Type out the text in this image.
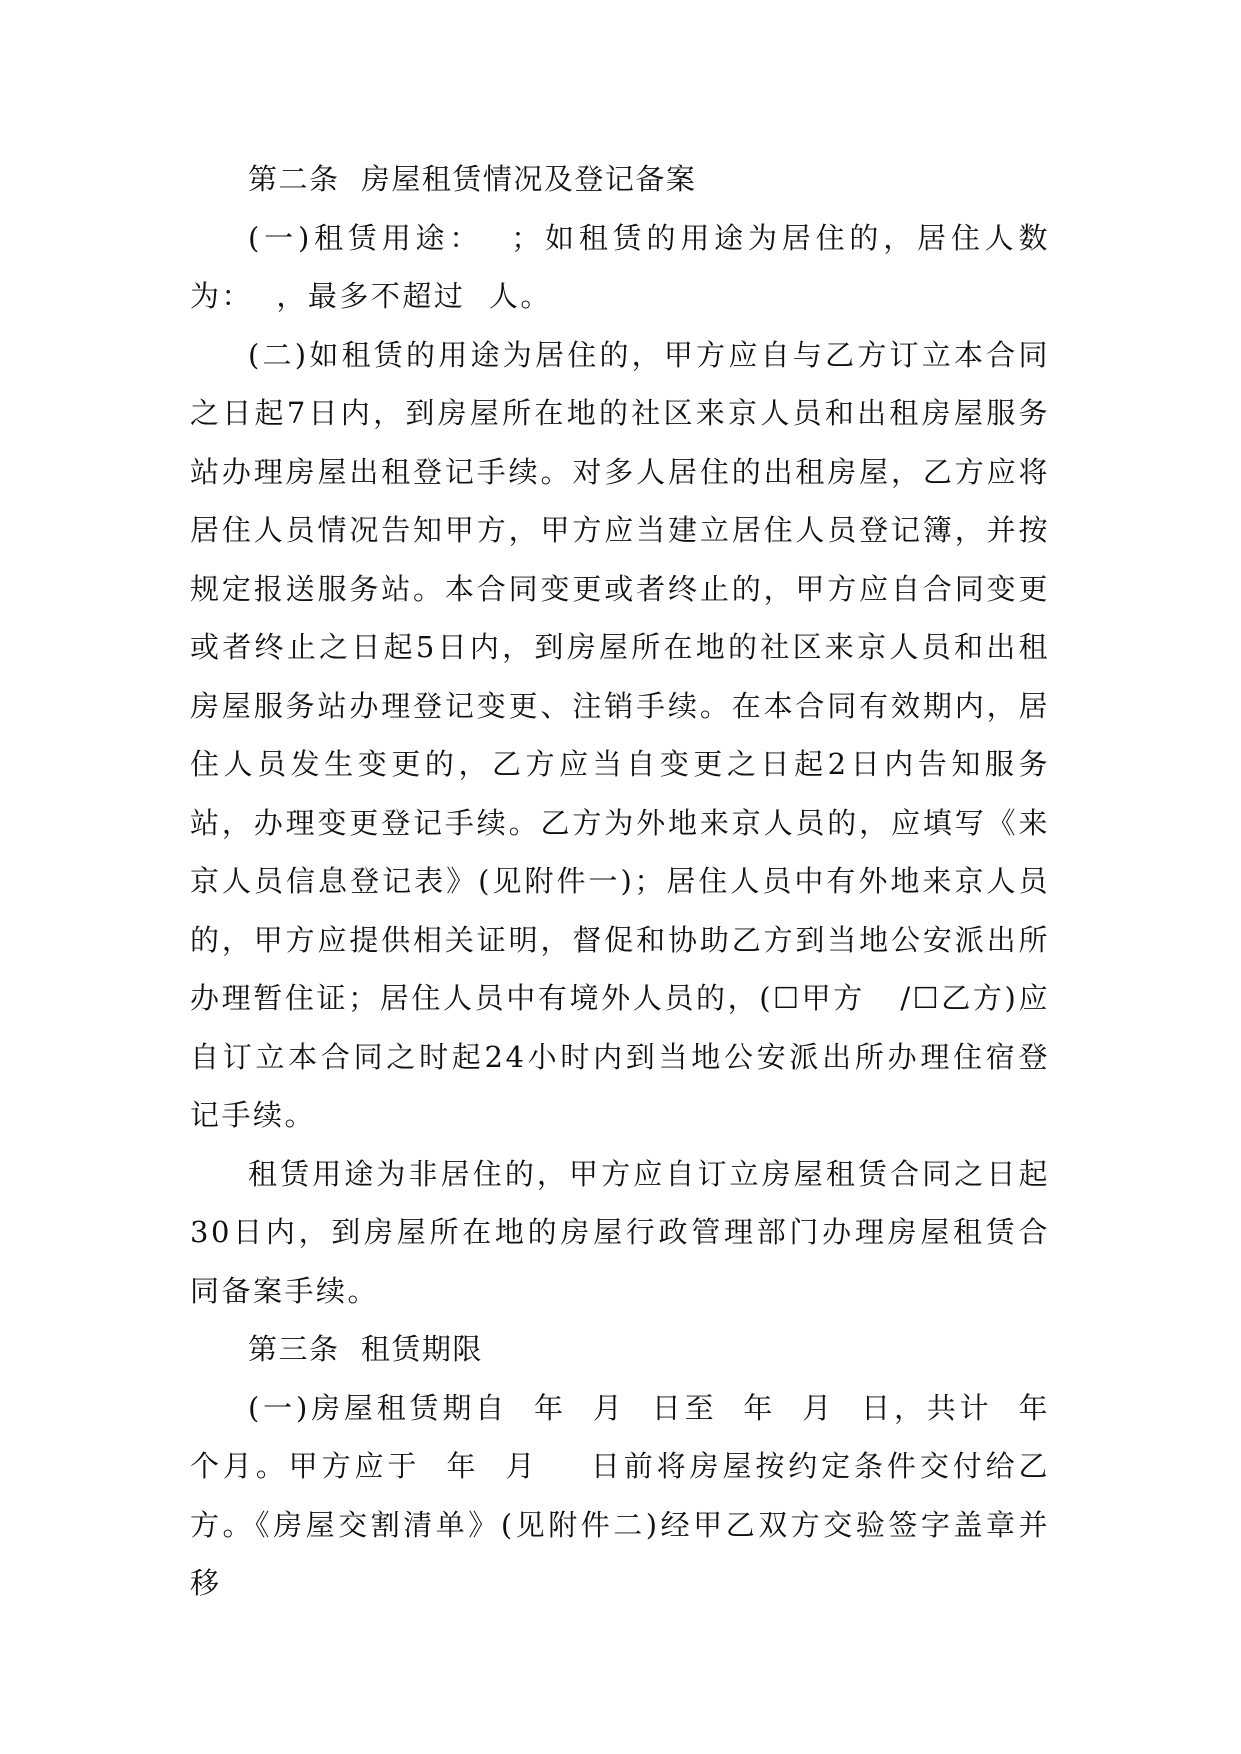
第二条  房屋租赁情况及登记备案

(一)租赁用途：  ；如租赁的用途为居住的，居住人数为：  ，最多不超过  人。

(二)如租赁的用途为居住的，甲方应自与乙方订立本合同之日起7日内，到房屋所在地的社区来京人员和出租房屋服务站办理房屋出租登记手续。对多人居住的出租房屋，乙方应将居住人员情况告知甲方，甲方应当建立居住人员登记簿，并按规定报送服务站。本合同变更或者终止的，甲方应自合同变更或者终止之日起5日内，到房屋所在地的社区来京人员和出租房屋服务站办理登记变更、注销手续。在本合同有效期内，居住人员发生变更的，乙方应当自变更之日起2日内告知服务站，办理变更登记手续。乙方为外地来京人员的，应填写《来京人员信息登记表》(见附件一)；居住人员中有外地来京人员的，甲方应提供相关证明，督促和协助乙方到当地公安派出所办理暂住证；居住人员中有境外人员的，(☐甲方   /☐乙方)应自订立本合同之时起24小时内到当地公安派出所办理住宿登记手续。

租赁用途为非居住的，甲方应自订立房屋租赁合同之日起30日内，到房屋所在地的房屋行政管理部门办理房屋租赁合同备案手续。

第三条  租赁期限

(一)房屋租赁期自  年  月  日至  年  月  日，共计  年  个月。甲方应于  年  月    日前将房屋按约定条件交付给乙方。《房屋交割清单》(见附件二)经甲乙双方交验签字盖章并移
